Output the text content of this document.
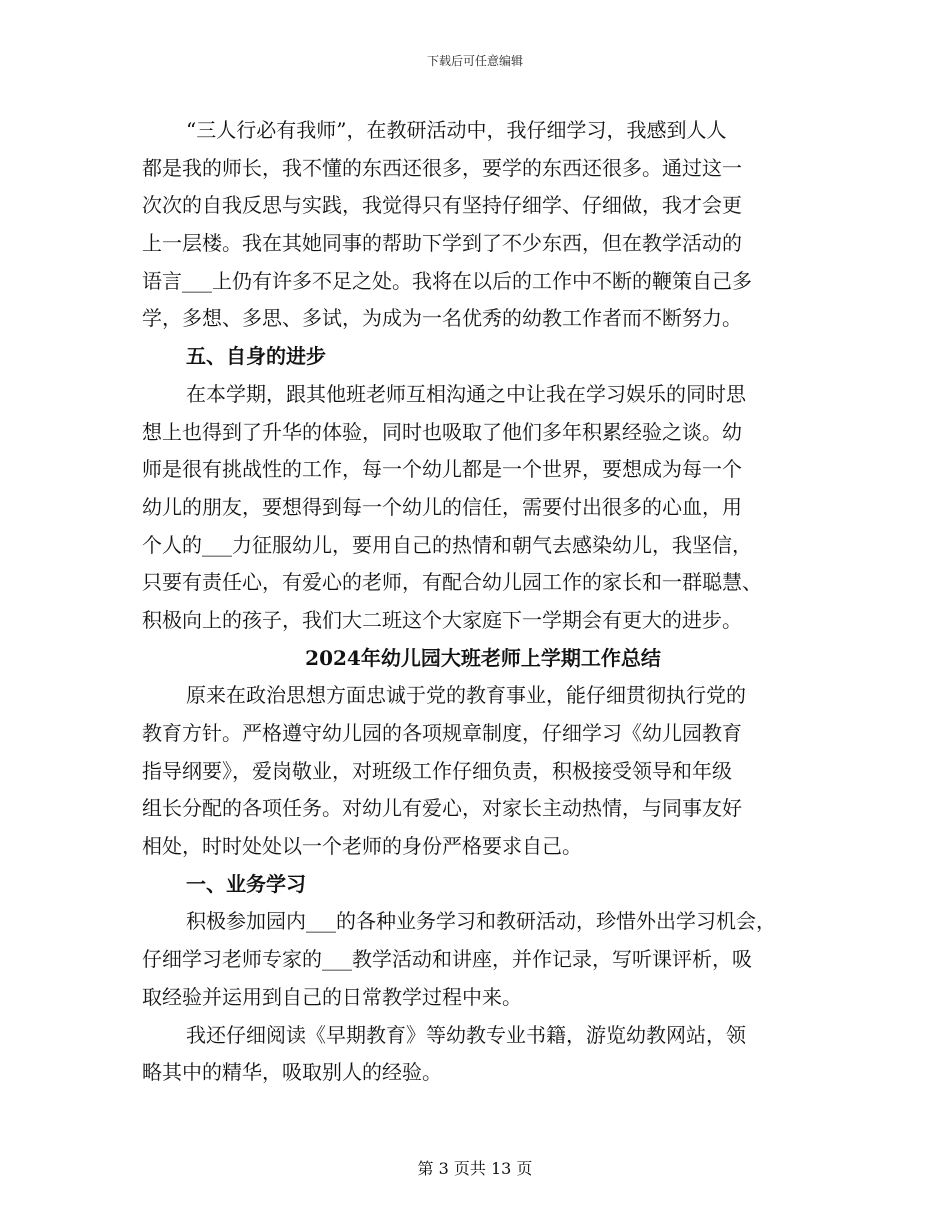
下载后可任意编辑
“三人行必有我师”，在教研活动中，我仔细学习，我感到人人
都是我的师长，我不懂的东西还很多，要学的东西还很多。通过这一
次次的自我反思与实践，我觉得只有坚持仔细学、仔细做，我才会更
上一层楼。我在其她同事的帮助下学到了不少东西，但在教学活动的
语言___上仍有许多不足之处。我将在以后的工作中不断的鞭策自己多
学，多想、多思、多试，为成为一名优秀的幼教工作者而不断努力。
五、自身的进步
在本学期，跟其他班老师互相沟通之中让我在学习娱乐的同时思
想上也得到了升华的体验，同时也吸取了他们多年积累经验之谈。幼
师是很有挑战性的工作，每一个幼儿都是一个世界，要想成为每一个
幼儿的朋友，要想得到每一个幼儿的信任，需要付出很多的心血，用
个人的___力征服幼儿，要用自己的热情和朝气去感染幼儿，我坚信，
只要有责任心，有爱心的老师，有配合幼儿园工作的家长和一群聪慧、
积极向上的孩子，我们大二班这个大家庭下一学期会有更大的进步。
2024年幼儿园大班老师上学期工作总结
原来在政治思想方面忠诚于党的教育事业，能仔细贯彻执行党的
教育方针。严格遵守幼儿园的各项规章制度，仔细学习《幼儿园教育
指导纲要》，爱岗敬业，对班级工作仔细负责，积极接受领导和年级
组长分配的各项任务。对幼儿有爱心，对家长主动热情，与同事友好
相处，时时处处以一个老师的身份严格要求自己。
一、业务学习
积极参加园内___的各种业务学习和教研活动，珍惜外出学习机会，
仔细学习老师专家的___教学活动和讲座，并作记录，写听课评析，吸
取经验并运用到自己的日常教学过程中来。
我还仔细阅读《早期教育》等幼教专业书籍，游览幼教网站，领
略其中的精华，吸取别人的经验。
第 3 页共 13 页
